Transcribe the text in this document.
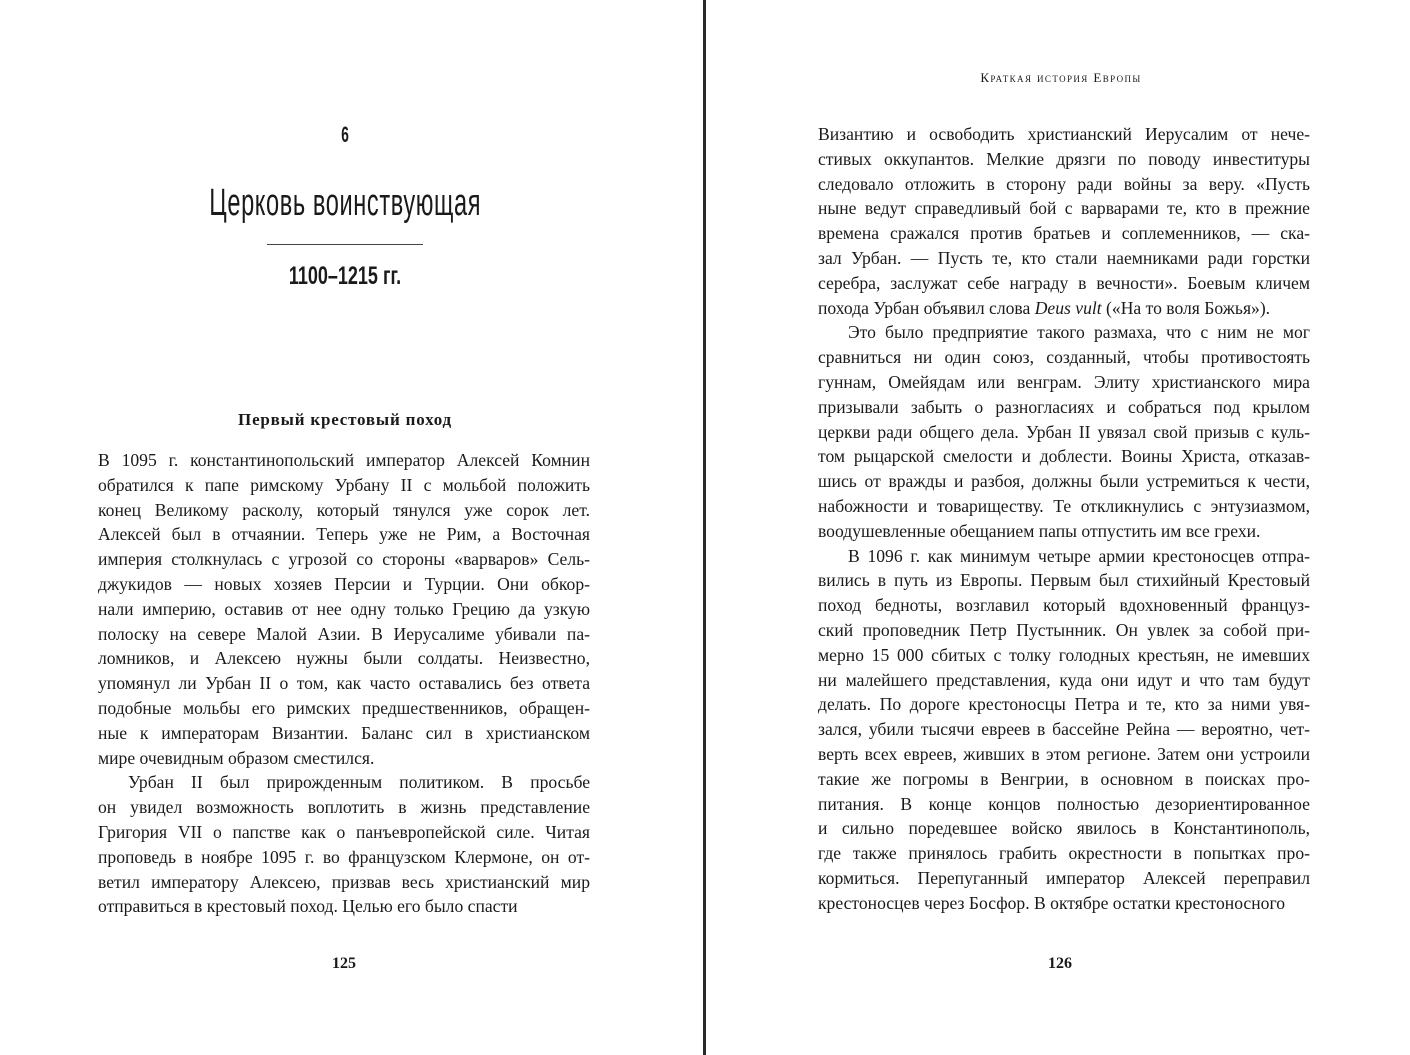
6
Церковь воинствующая
1100–1215 гг.
Первый крестовый поход

В 1095 г. константинопольский император Алексей Комнин
обратился к папе римскому Урбану II с мольбой положить
конец Великому расколу, который тянулся уже сорок лет.
Алексей был в отчаянии. Теперь уже не Рим, а Восточная
империя столкнулась с угрозой со стороны «варваров» Сель-
джукидов — новых хозяев Персии и Турции. Они обкор-
нали империю, оставив от нее одну только Грецию да узкую
полоску на севере Малой Азии. В Иерусалиме убивали па-
ломников, и Алексею нужны были солдаты. Неизвестно,
упомянул ли Урбан II о том, как часто оставались без ответа
подобные мольбы его римских предшественников, обращен-
ные к императорам Византии. Баланс сил в христианском
мире очевидным образом сместился.

Урбан II был прирожденным политиком. В просьбе
он увидел возможность воплотить в жизнь представление
Григория VII о папстве как о панъевропейской силе. Читая
проповедь в ноябре 1095 г. во французском Клермоне, он от-
ветил императору Алексею, призвав весь христианский мир
отправиться в крестовый поход. Целью его было спасти

125
Краткая история Европы

Византию и освободить христианский Иерусалим от нече-
стивых оккупантов. Мелкие дрязги по поводу инвеституры
следовало отложить в сторону ради войны за веру. «Пусть
ныне ведут справедливый бой с варварами те, кто в прежние
времена сражался против братьев и соплеменников, — ска-
зал Урбан. — Пусть те, кто стали наемниками ради горстки
серебра, заслужат себе награду в вечности». Боевым кличем
похода Урбан объявил слова Deus vult («На то воля Божья»).

Это было предприятие такого размаха, что с ним не мог
сравниться ни один союз, созданный, чтобы противостоять
гуннам, Омейядам или венграм. Элиту христианского мира
призывали забыть о разногласиях и собраться под крылом
церкви ради общего дела. Урбан II увязал свой призыв с куль-
том рыцарской смелости и доблести. Воины Христа, отказав-
шись от вражды и разбоя, должны были устремиться к чести,
набожности и товариществу. Те откликнулись с энтузиазмом,
воодушевленные обещанием папы отпустить им все грехи.

В 1096 г. как минимум четыре армии крестоносцев отпра-
вились в путь из Европы. Первым был стихийный Крестовый
поход бедноты, возглавил который вдохновенный француз-
ский проповедник Петр Пустынник. Он увлек за собой при-
мерно 15 000 сбитых с толку голодных крестьян, не имевших
ни малейшего представления, куда они идут и что там будут
делать. По дороге крестоносцы Петра и те, кто за ними увя-
зался, убили тысячи евреев в бассейне Рейна — вероятно, чет-
верть всех евреев, живших в этом регионе. Затем они устроили
такие же погромы в Венгрии, в основном в поисках про-
питания. В конце концов полностью дезориентированное
и сильно поредевшее войско явилось в Константинополь,
где также принялось грабить окрестности в попытках про-
кормиться. Перепуганный император Алексей переправил
крестоносцев через Босфор. В октябре остатки крестоносного

126
